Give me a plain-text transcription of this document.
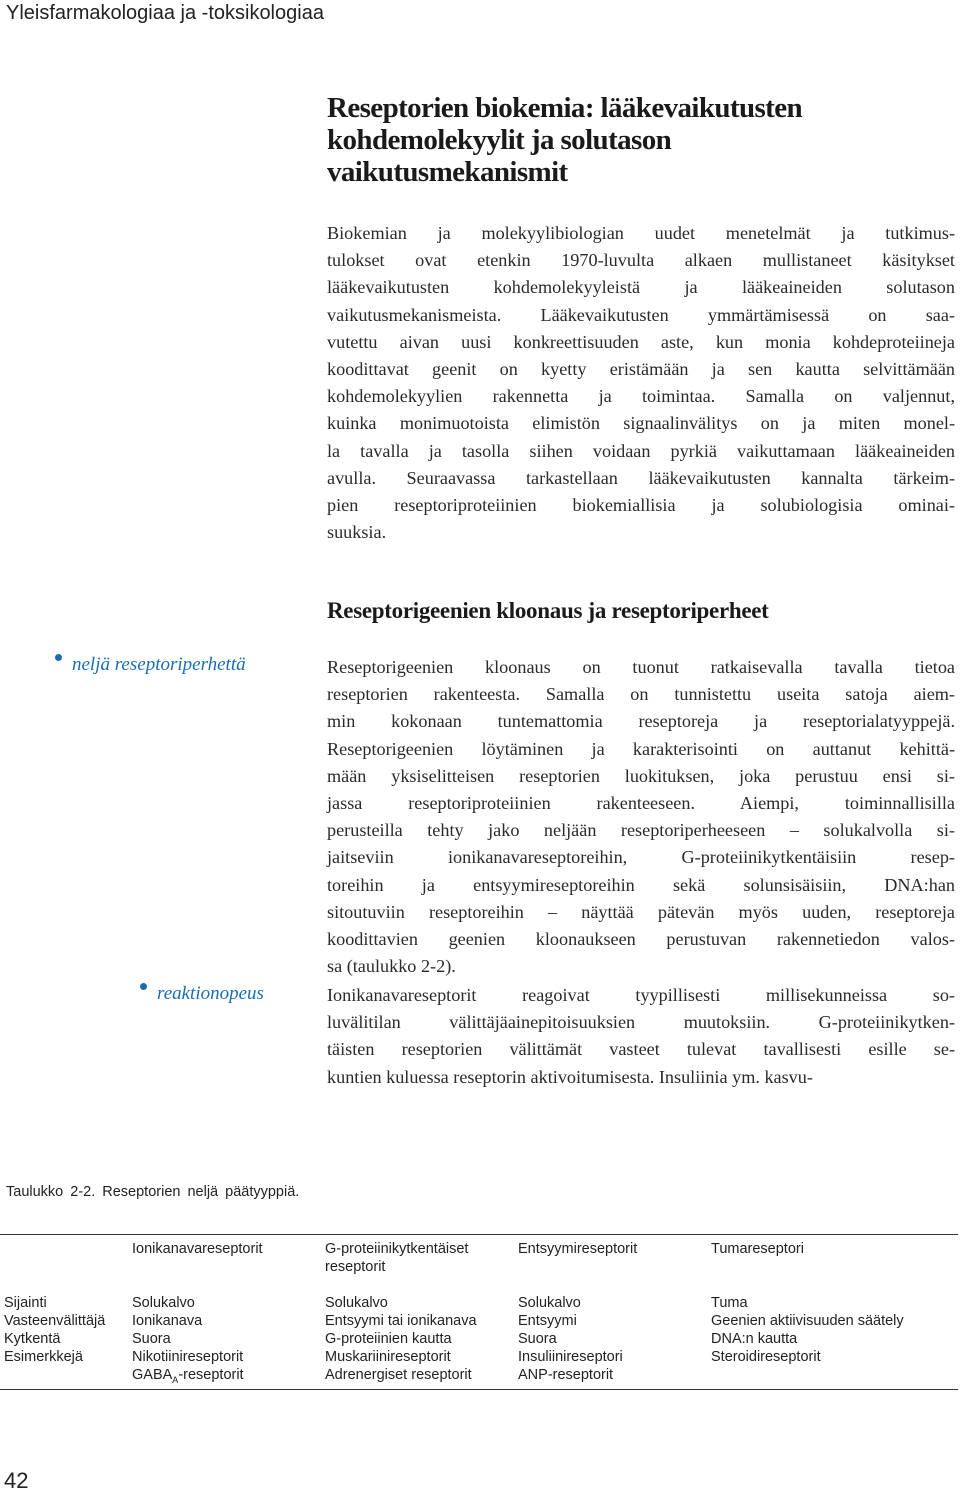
Yleisfarmakologiaa ja -toksikologiaa
Reseptorien biokemia: lääkevaikutusten
kohdemolekyylit ja solutason
vaikutusmekanismit
Biokemian ja molekyylibiologian uudet menetelmät ja tutkimus-
tulokset ovat etenkin 1970-luvulta alkaen mullistaneet käsitykset
lääkevaikutusten kohdemolekyyleistä ja lääkeaineiden solutason
vaikutusmekanismeista. Lääkevaikutusten ymmärtämisessä on saa-
vutettu aivan uusi konkreettisuuden aste, kun monia kohdeproteiineja
koodittavat geenit on kyetty eristämään ja sen kautta selvittämään
kohdemolekyylien rakennetta ja toimintaa. Samalla on valjennut,
kuinka monimuotoista elimistön signaalinvälitys on ja miten monel-
la tavalla ja tasolla siihen voidaan pyrkiä vaikuttamaan lääkeaineiden
avulla. Seuraavassa tarkastellaan lääkevaikutusten kannalta tärkeim-
pien reseptoriproteiinien biokemiallisia ja solubiologisia ominai-
suuksia.
Reseptorigeenien kloonaus ja reseptoriperheet
neljä reseptoriperhettä
reaktionopeus
Reseptorigeenien kloonaus on tuonut ratkaisevalla tavalla tietoa
reseptorien rakenteesta. Samalla on tunnistettu useita satoja aiem-
min kokonaan tuntemattomia reseptoreja ja reseptorialatyyppejä.
Reseptorigeenien löytäminen ja karakterisointi on auttanut kehittä-
mään yksiselitteisen reseptorien luokituksen, joka perustuu ensi si-
jassa reseptoriproteiinien rakenteeseen. Aiempi, toiminnallisilla
perusteilla tehty jako neljään reseptoriperheeseen – solukalvolla si-
jaitseviin ionikanavareseptoreihin, G-proteiinikytkentäisiin resep-
toreihin ja entsyymireseptoreihin sekä solunsisäisiin, DNA:han
sitoutuviin reseptoreihin – näyttää pätevän myös uuden, reseptoreja
koodittavien geenien kloonaukseen perustuvan rakennetiedon valos-
sa (taulukko 2-2).
Ionikanavareseptorit reagoivat tyypillisesti millisekunneissa so-
luvälitilan välittäjäainepitoisuuksien muutoksiin. G-proteiinikytken-
täisten reseptorien välittämät vasteet tulevat tavallisesti esille se-
kuntien kuluessa reseptorin aktivoitumisesta. Insuliinia ym. kasvu-
Taulukko 2-2. Reseptorien neljä päätyyppiä.
Ionikanavareseptorit	G-proteiinikytkentäiset
reseptorit
Entsyymireseptorit	Tumareseptori
Sijainti
Vasteenvälittäjä
Kytkentä
Esimerkkejä
Solukalvo
Ionikanava
Suora
Nikotiinireseptorit
$GABA_A$-reseptorit
Solukalvo
Entsyymi tai ionikanava
G-proteiinien kautta
Muskariinireseptorit
Adrenergiset reseptorit
Solukalvo
Entsyymi
Suora
Insuliinireseptori
ANP-reseptorit
Tuma
Geenien aktiivisuuden säätely
DNA:n kautta
Steroidireseptorit
42
